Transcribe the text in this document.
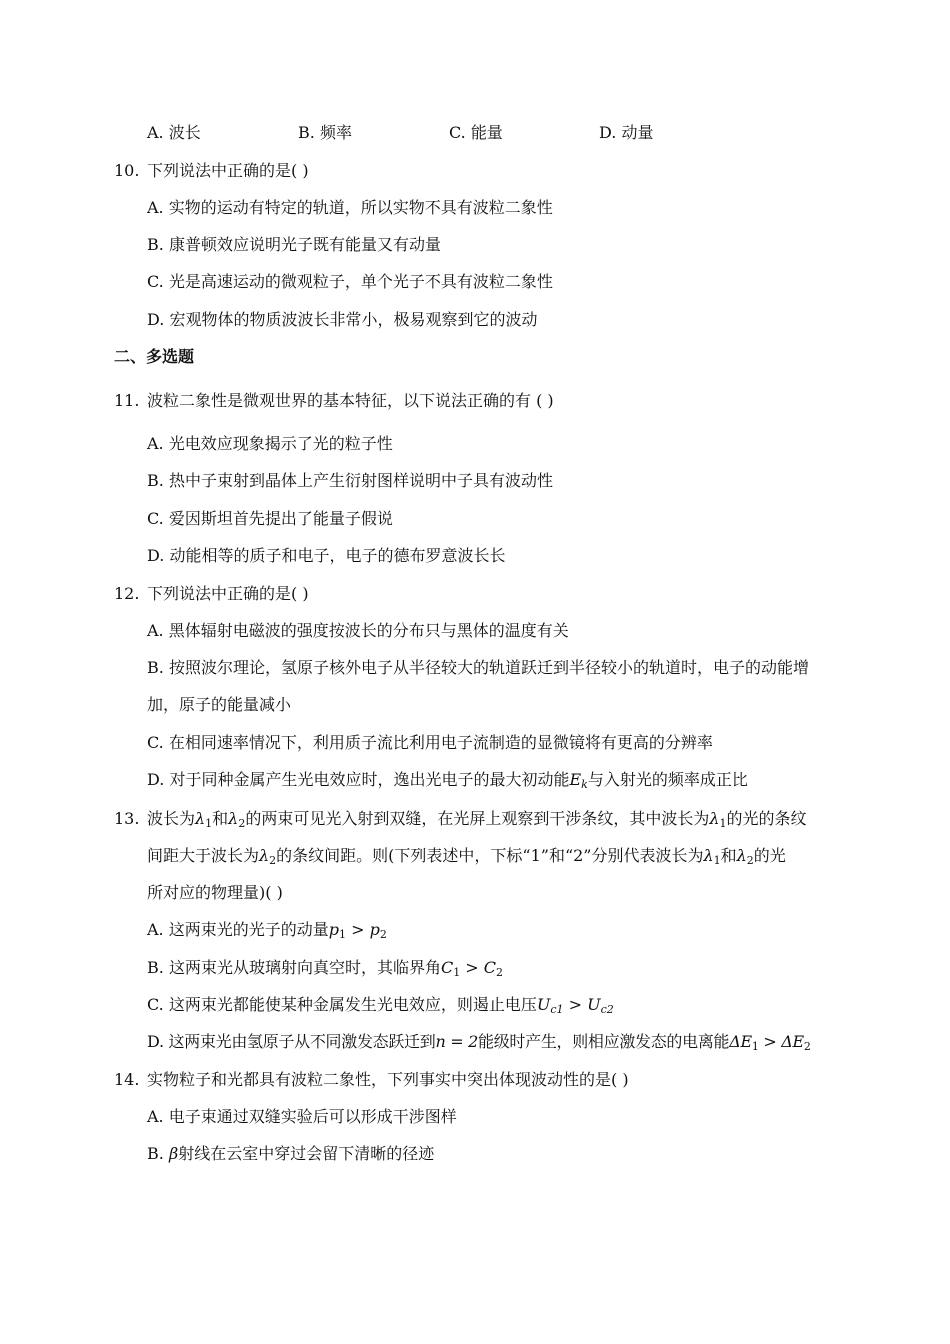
A. 波长	B. 频率	C. 能量	D. 动量
10. 下列说法中正确的是( )
A. 实物的运动有特定的轨道，所以实物不具有波粒二象性
B. 康普顿效应说明光子既有能量又有动量
C. 光是高速运动的微观粒子，单个光子不具有波粒二象性
D. 宏观物体的物质波波长非常小，极易观察到它的波动
二、多选题
11. 波粒二象性是微观世界的基本特征，以下说法正确的有 ( )
A. 光电效应现象揭示了光的粒子性
B. 热中子束射到晶体上产生衍射图样说明中子具有波动性
C. 爱因斯坦首先提出了能量子假说
D. 动能相等的质子和电子，电子的德布罗意波长长
12. 下列说法中正确的是( )
A. 黑体辐射电磁波的强度按波长的分布只与黑体的温度有关
B. 按照波尔理论，氢原子核外电子从半径较大的轨道跃迁到半径较小的轨道时，电子的动能增
加，原子的能量减小
C. 在相同速率情况下，利用质子流比利用电子流制造的显微镜将有更高的分辨率
D. 对于同种金属产生光电效应时，逸出光电子的最大初动能$E_k$与入射光的频率成正比
13. 波长为$\lambda_1$和$\lambda_2$的两束可见光入射到双缝，在光屏上观察到干涉条纹，其中波长为$\lambda_1$的光的条纹
间距大于波长为$\lambda_2$的条纹间距。则(下列表述中，下标“1”和“2”分别代表波长为$\lambda_1$和$\lambda_2$的光
所对应的物理量)( )
A. 这两束光的光子的动量$p_1 > p_2$
B. 这两束光从玻璃射向真空时，其临界角$C_1 > C_2$
C. 这两束光都能使某种金属发生光电效应，则遏止电压$U_{c1} > U_{c2}$
D. 这两束光由氢原子从不同激发态跃迁到n = 2能级时产生，则相应激发态的电离能$\Delta E_1 > \Delta E_2$
14. 实物粒子和光都具有波粒二象性，下列事实中突出体现波动性的是( )
A. 电子束通过双缝实验后可以形成干涉图样
B. β射线在云室中穿过会留下清晰的径迹
